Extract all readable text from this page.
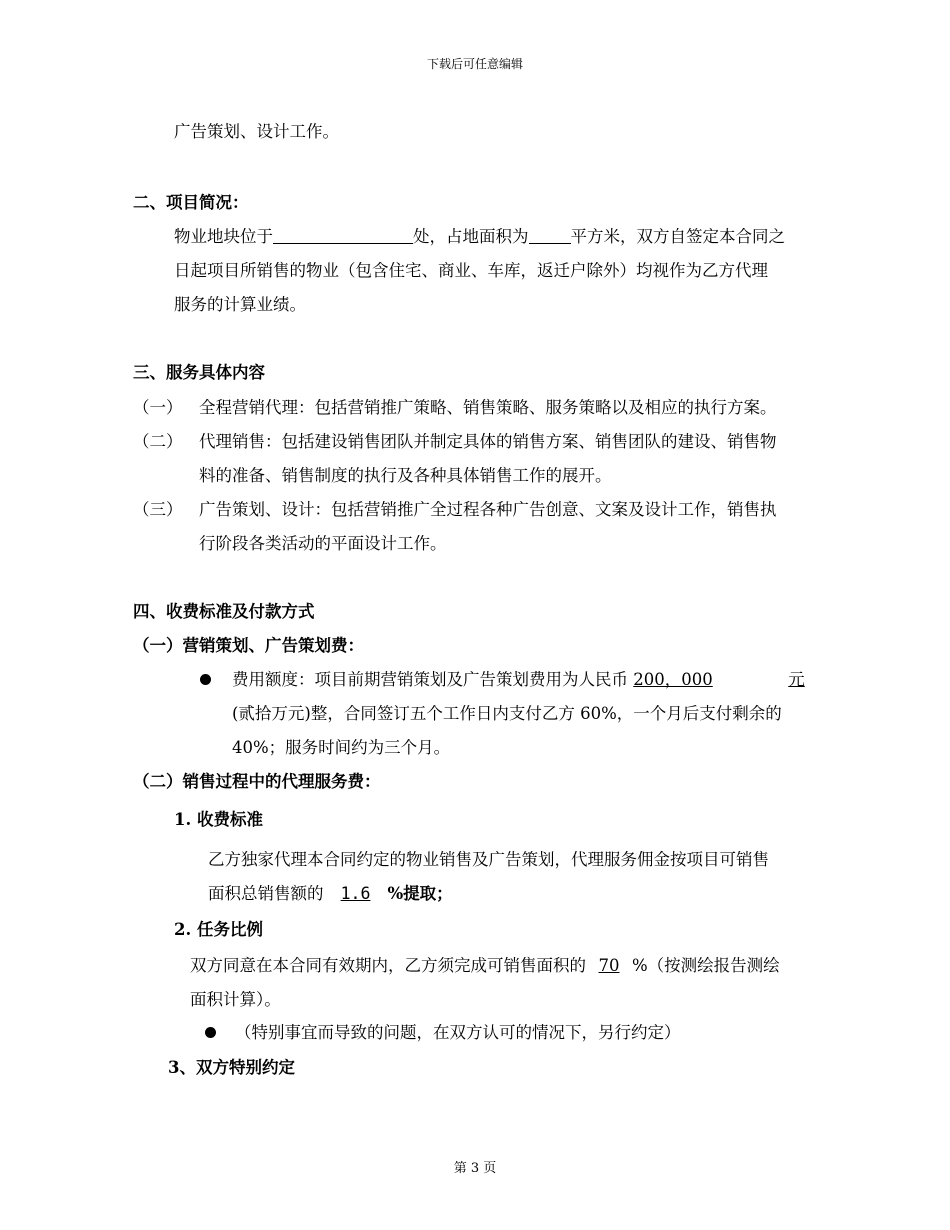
下载后可任意编辑
广告策划、设计工作。
二、项目简况：
物业地块位于	处，占地面积为	平方米，双方自签定本合同之
日起项目所销售的物业（包含住宅、商业、车库，返迁户除外）均视作为乙方代理
服务的计算业绩。
三、服务具体内容
（一） 全程营销代理：包括营销推广策略、销售策略、服务策略以及相应的执行方案。
（二） 代理销售：包括建设销售团队并制定具体的销售方案、销售团队的建设、销售物
料的准备、销售制度的执行及各种具体销售工作的展开。
（三） 广告策划、设计：包括营销推广全过程各种广告创意、文案及设计工作，销售执
行阶段各类活动的平面设计工作。
四、收费标准及付款方式
（一）营销策划、广告策划费：
费用额度：项目前期营销策划及广告策划费用为人民币 200，000	元
(贰拾万元)整，合同签订五个工作日内支付乙方 60%，一个月后支付剩余的
40%；服务时间约为三个月。
（二）销售过程中的代理服务费：
1. 收费标准
乙方独家代理本合同约定的物业销售及广告策划，代理服务佣金按项目可销售
面积总销售额的 1.6 %提取；
2. 任务比例
双方同意在本合同有效期内，乙方须完成可销售面积的 70 %（按测绘报告测绘
面积计算）。
（特别事宜而导致的问题，在双方认可的情况下，另行约定）
3、双方特别约定
第 3 页
